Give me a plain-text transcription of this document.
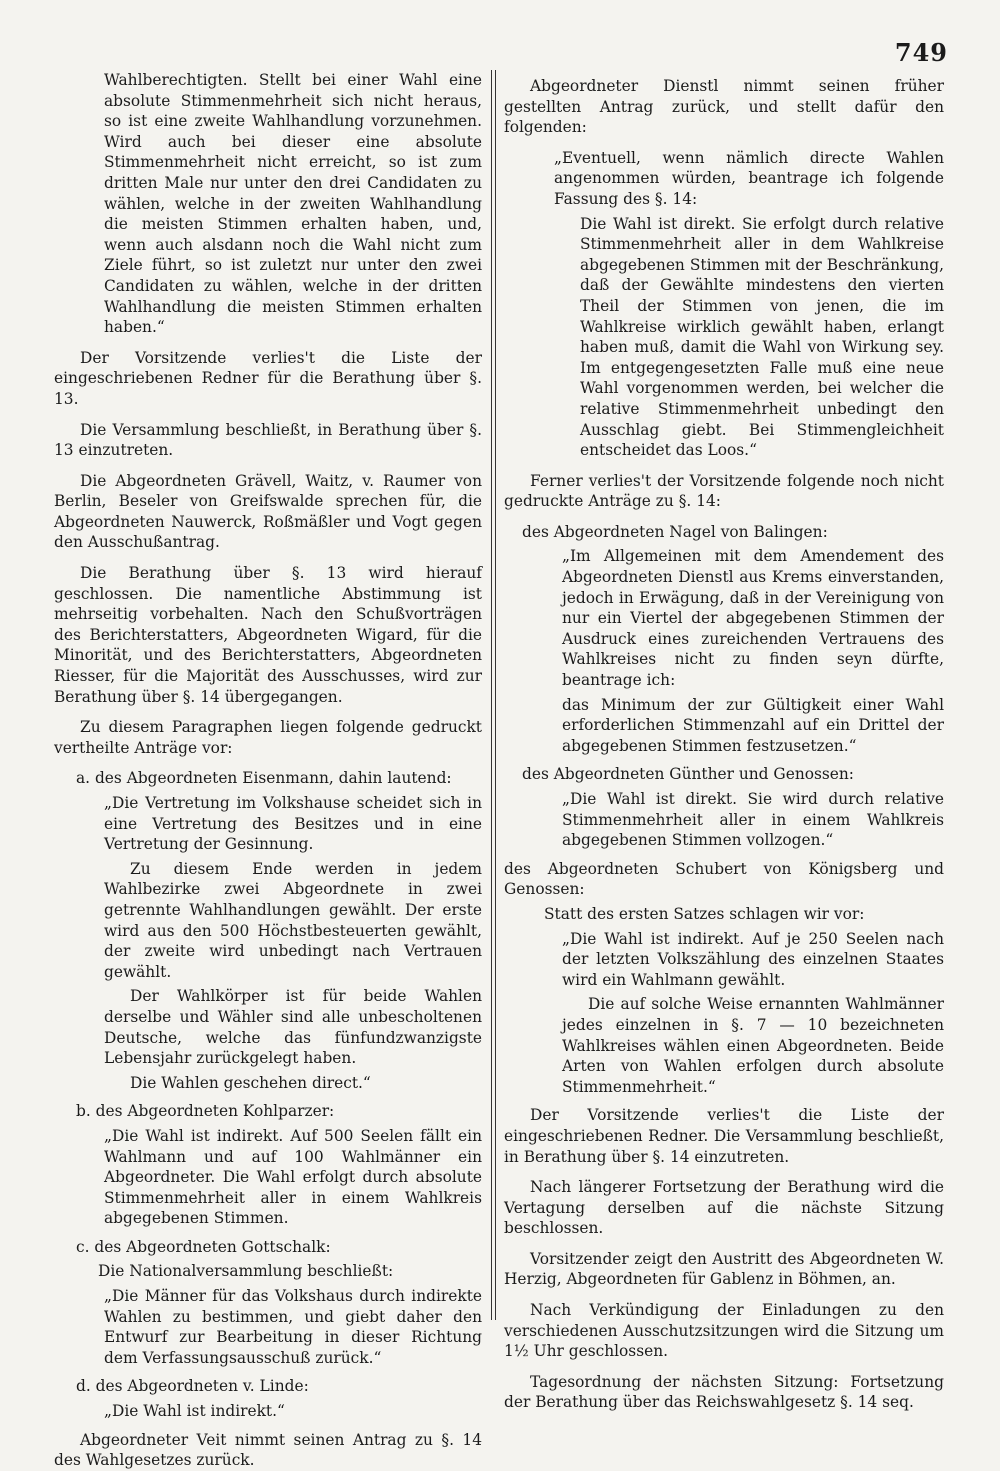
749

Wahlberechtigten. Stellt bei einer Wahl eine absolute Stimmenmehrheit sich nicht heraus, so ist eine zweite Wahlhandlung vorzunehmen. Wird auch bei dieser eine absolute Stimmenmehrheit nicht erreicht, so ist zum dritten Male nur unter den drei Candidaten zu wählen, welche in der zweiten Wahlhandlung die meisten Stimmen erhalten haben, und, wenn auch alsdann noch die Wahl nicht zum Ziele führt, so ist zuletzt nur unter den zwei Candidaten zu wählen, welche in der dritten Wahlhandlung die meisten Stimmen erhalten haben.“

Der Vorsitzende verlies't die Liste der eingeschriebenen Redner für die Berathung über §. 13.

Die Versammlung beschließt, in Berathung über §. 13 einzutreten.

Die Abgeordneten Grävell, Waitz, v. Raumer von Berlin, Beseler von Greifswalde sprechen für, die Abgeordneten Nauwerck, Roßmäßler und Vogt gegen den Ausschußantrag.

Die Berathung über §. 13 wird hierauf geschlossen. Die namentliche Abstimmung ist mehrseitig vorbehalten. Nach den Schußvorträgen des Berichterstatters, Abgeordneten Wigard, für die Minorität, und des Berichterstatters, Abgeordneten Riesser, für die Majorität des Ausschusses, wird zur Berathung über §. 14 übergegangen.

Zu diesem Paragraphen liegen folgende gedruckt vertheilte Anträge vor:

a. des Abgeordneten Eisenmann, dahin lautend:

„Die Vertretung im Volkshause scheidet sich in eine Vertretung des Besitzes und in eine Vertretung der Gesinnung.

Zu diesem Ende werden in jedem Wahlbezirke zwei Abgeordnete in zwei getrennte Wahlhandlungen gewählt. Der erste wird aus den 500 Höchstbesteuerten gewählt, der zweite wird unbedingt nach Vertrauen gewählt.

Der Wahlkörper ist für beide Wahlen derselbe und Wähler sind alle unbescholtenen Deutsche, welche das fünfundzwanzigste Lebensjahr zurückgelegt haben.

Die Wahlen geschehen direct.“

b. des Abgeordneten Kohlparzer:

„Die Wahl ist indirekt. Auf 500 Seelen fällt ein Wahlmann und auf 100 Wahlmänner ein Abgeordneter. Die Wahl erfolgt durch absolute Stimmenmehrheit aller in einem Wahlkreis abgegebenen Stimmen.

c. des Abgeordneten Gottschalk:

Die Nationalversammlung beschließt:

„Die Männer für das Volkshaus durch indirekte Wahlen zu bestimmen, und giebt daher den Entwurf zur Bearbeitung in dieser Richtung dem Verfassungsausschuß zurück.“

d. des Abgeordneten v. Linde:

„Die Wahl ist indirekt.“

Abgeordneter Veit nimmt seinen Antrag zu §. 14 des Wahlgesetzes zurück.

Abgeordneter Dienstl nimmt seinen früher gestellten Antrag zurück, und stellt dafür den folgenden:

„Eventuell, wenn nämlich directe Wahlen angenommen würden, beantrage ich folgende Fassung des §. 14:

Die Wahl ist direkt. Sie erfolgt durch relative Stimmenmehrheit aller in dem Wahlkreise abgegebenen Stimmen mit der Beschränkung, daß der Gewählte mindestens den vierten Theil der Stimmen von jenen, die im Wahlkreise wirklich gewählt haben, erlangt haben muß, damit die Wahl von Wirkung sey. Im entgegengesetzten Falle muß eine neue Wahl vorgenommen werden, bei welcher die relative Stimmenmehrheit unbedingt den Ausschlag giebt. Bei Stimmengleichheit entscheidet das Loos.“

Ferner verlies't der Vorsitzende folgende noch nicht gedruckte Anträge zu §. 14:

des Abgeordneten Nagel von Balingen:

„Im Allgemeinen mit dem Amendement des Abgeordneten Dienstl aus Krems einverstanden, jedoch in Erwägung, daß in der Vereinigung von nur ein Viertel der abgegebenen Stimmen der Ausdruck eines zureichenden Vertrauens des Wahlkreises nicht zu finden seyn dürfte, beantrage ich:

das Minimum der zur Gültigkeit einer Wahl erforderlichen Stimmenzahl auf ein Drittel der abgegebenen Stimmen festzusetzen.“

des Abgeordneten Günther und Genossen:

„Die Wahl ist direkt. Sie wird durch relative Stimmenmehrheit aller in einem Wahlkreis abgegebenen Stimmen vollzogen.“

des Abgeordneten Schubert von Königsberg und Genossen:

Statt des ersten Satzes schlagen wir vor:

„Die Wahl ist indirekt. Auf je 250 Seelen nach der letzten Volkszählung des einzelnen Staates wird ein Wahlmann gewählt.

Die auf solche Weise ernannten Wahlmänner jedes einzelnen in §. 7 — 10 bezeichneten Wahlkreises wählen einen Abgeordneten. Beide Arten von Wahlen erfolgen durch absolute Stimmenmehrheit.“

Der Vorsitzende verlies't die Liste der eingeschriebenen Redner. Die Versammlung beschließt, in Berathung über §. 14 einzutreten.

Nach längerer Fortsetzung der Berathung wird die Vertagung derselben auf die nächste Sitzung beschlossen.

Vorsitzender zeigt den Austritt des Abgeordneten W. Herzig, Abgeordneten für Gablenz in Böhmen, an.

Nach Verkündigung der Einladungen zu den verschiedenen Ausschutzsitzungen wird die Sitzung um 1½ Uhr geschlossen.

Tagesordnung der nächsten Sitzung: Fortsetzung der Berathung über das Reichswahlgesetz §. 14 seq.
